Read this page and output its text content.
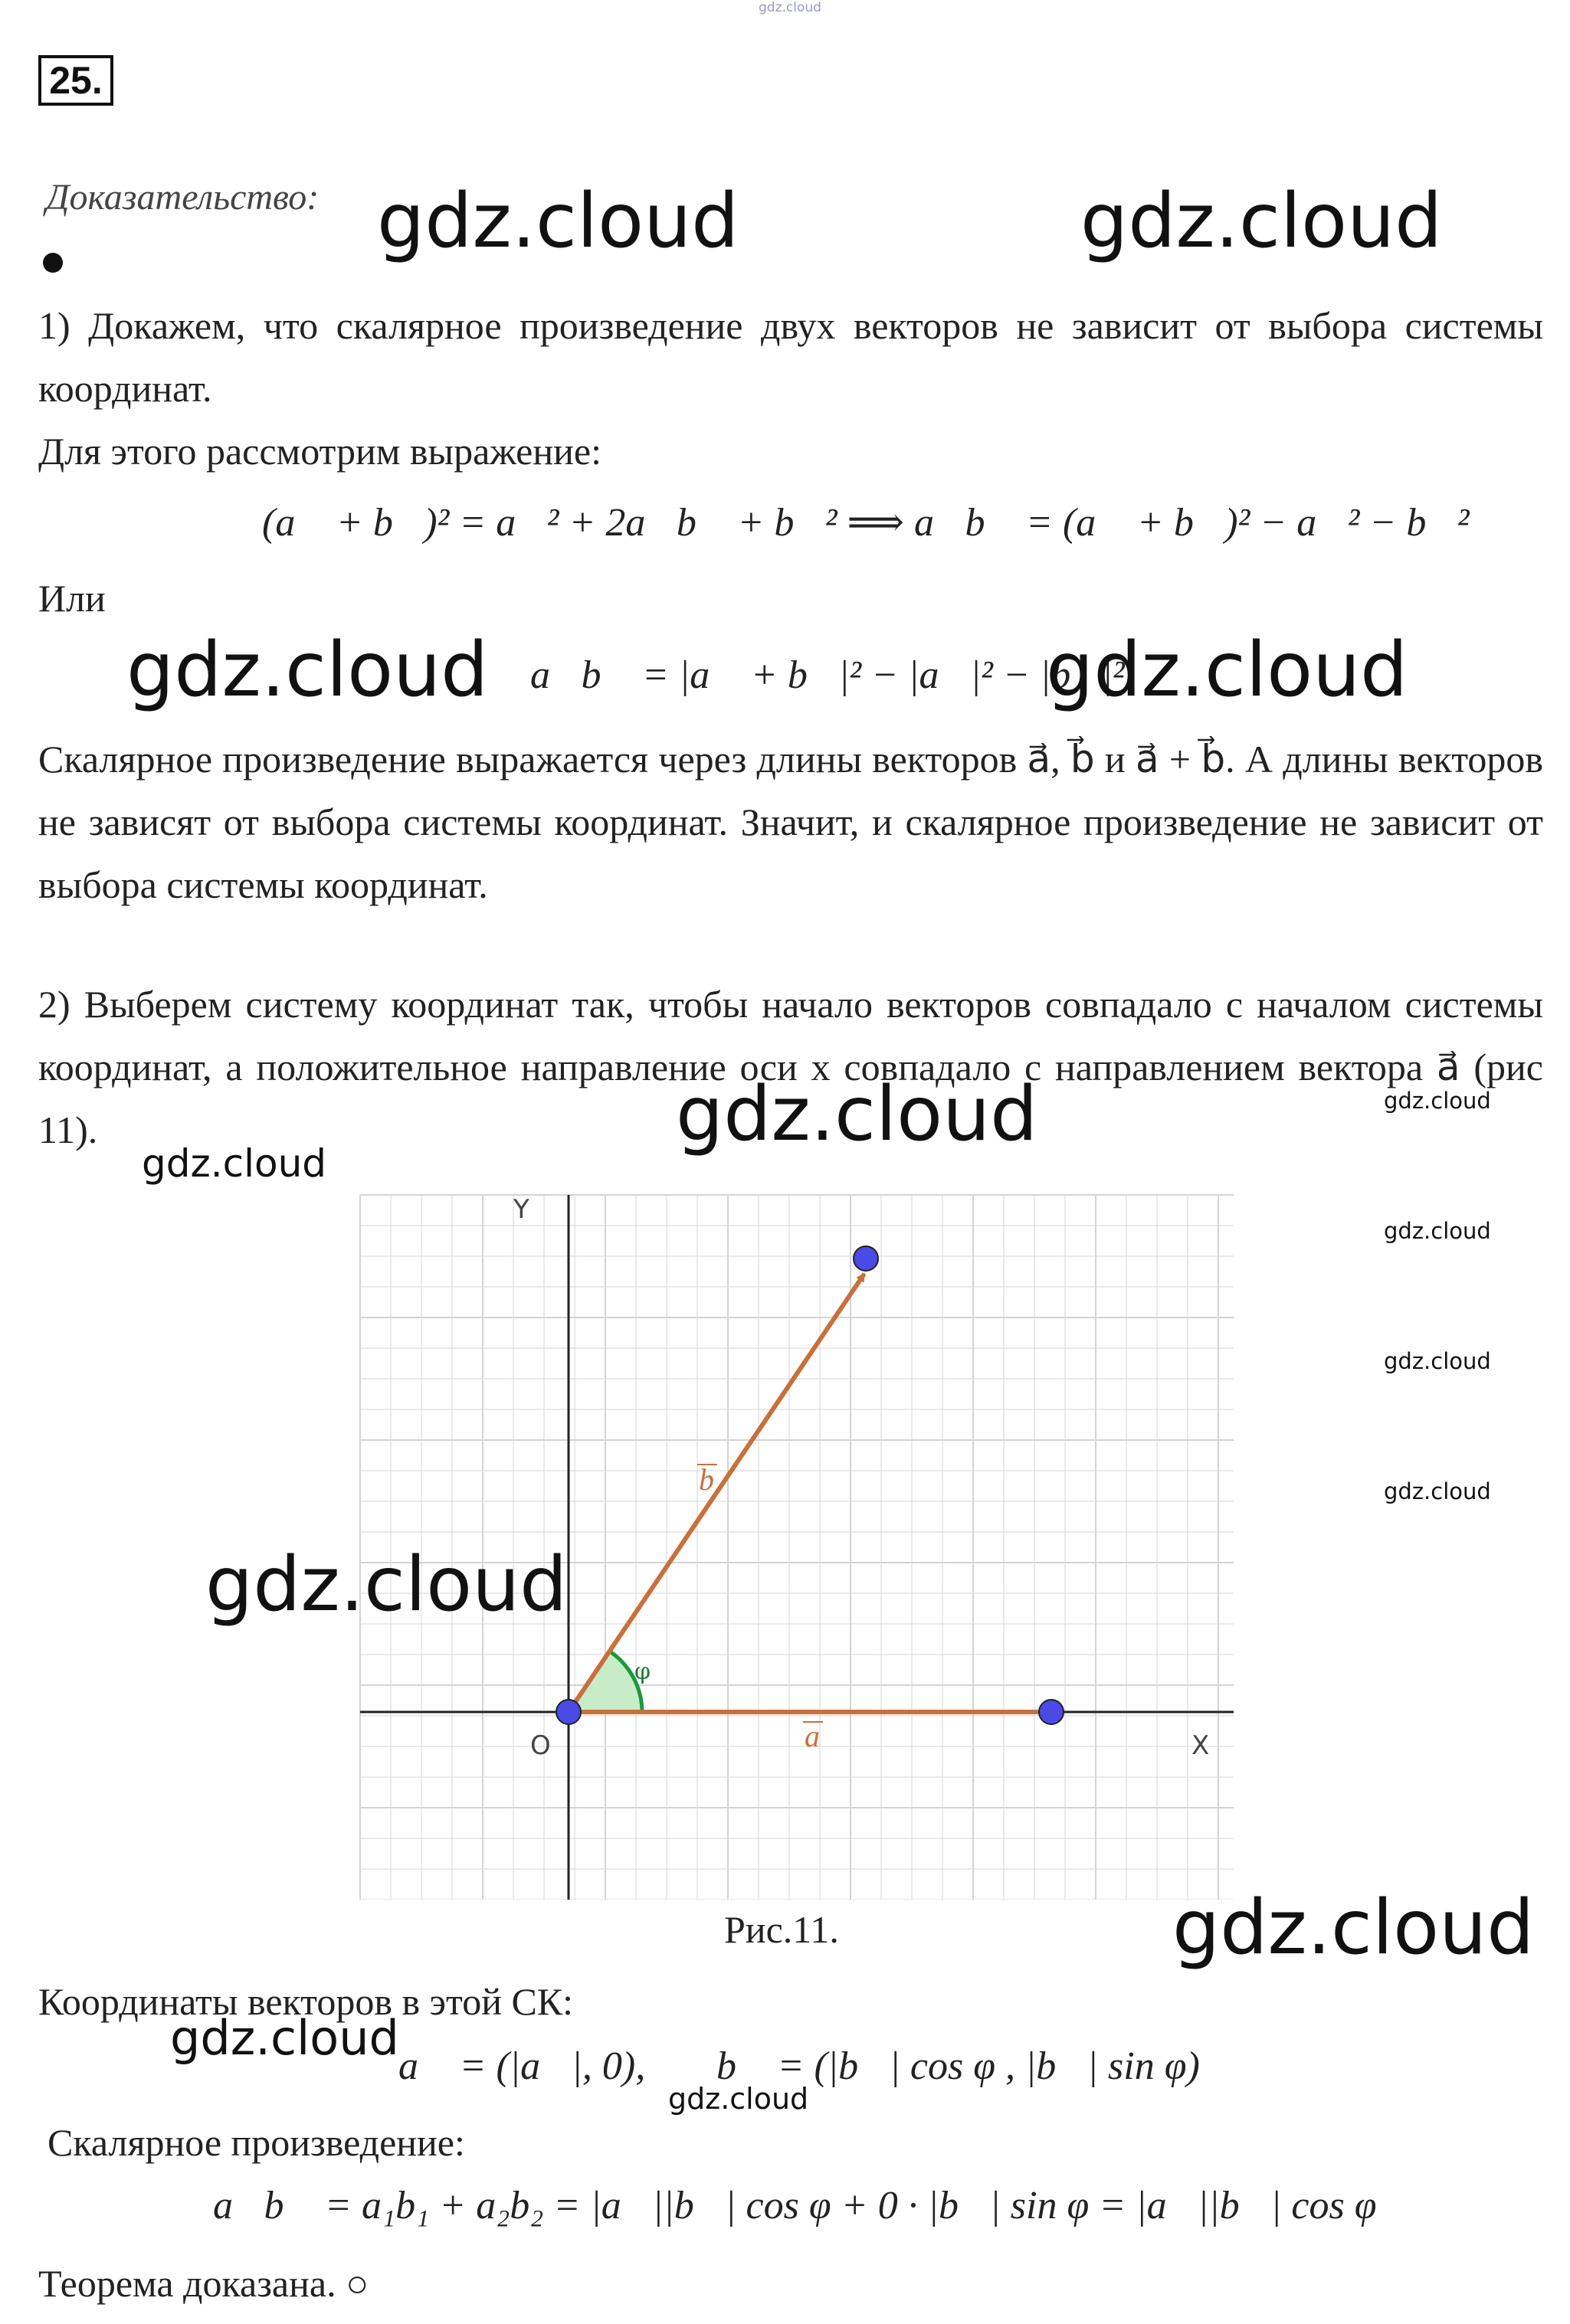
gdz.cloud
25.
Доказательство: gdz.cloud	gdz.cloud
1) Докажем, что скалярное произведение двух векторов не зависит от выбора системы координат.
Для этого рассмотрим выражение:
(a⃗ + b⃗)² = a⃗² + 2a⃗b⃗ + b⃗² ⟹ a⃗b⃗ = (a⃗ + b⃗)² − a⃗² − b⃗²
Или
gdz.cloud a⃗b⃗ = |a⃗ + b⃗|² − |a⃗|² − |b⃗|²
gdz.cloud
Скалярное произведение выражается через длины векторов a⃗, b⃗ и a⃗ + b⃗. А длины векторов не зависят от выбора системы координат. Значит, и скалярное произведение не зависит от выбора системы координат.
2) Выберем систему координат так, чтобы начало векторов совпадало с началом системы координат, а положительное направление оси x совпадало с направлением вектора a⃗ (рис 11).	gdz.cloud	gdz.cloud
gdz.cloud
gdz.cloud
gdz.cloud
gdz.cloud
Y
X
O	a
b
φ
gdz.cloud
Рис.11.	gdz.cloud
Координаты векторов в этой СК:
gdz.cloud
a⃗ = (|a⃗|, 0), b⃗ = (|b⃗| cos φ , |b⃗| sin φ)
gdz.cloud
Скалярное произведение:
a⃗b⃗ = a₁b₁ + a₂b₂ = |a⃗||b⃗| cos φ + 0 · |b⃗| sin φ = |a⃗||b⃗| cos φ
Теорема доказана. ○
